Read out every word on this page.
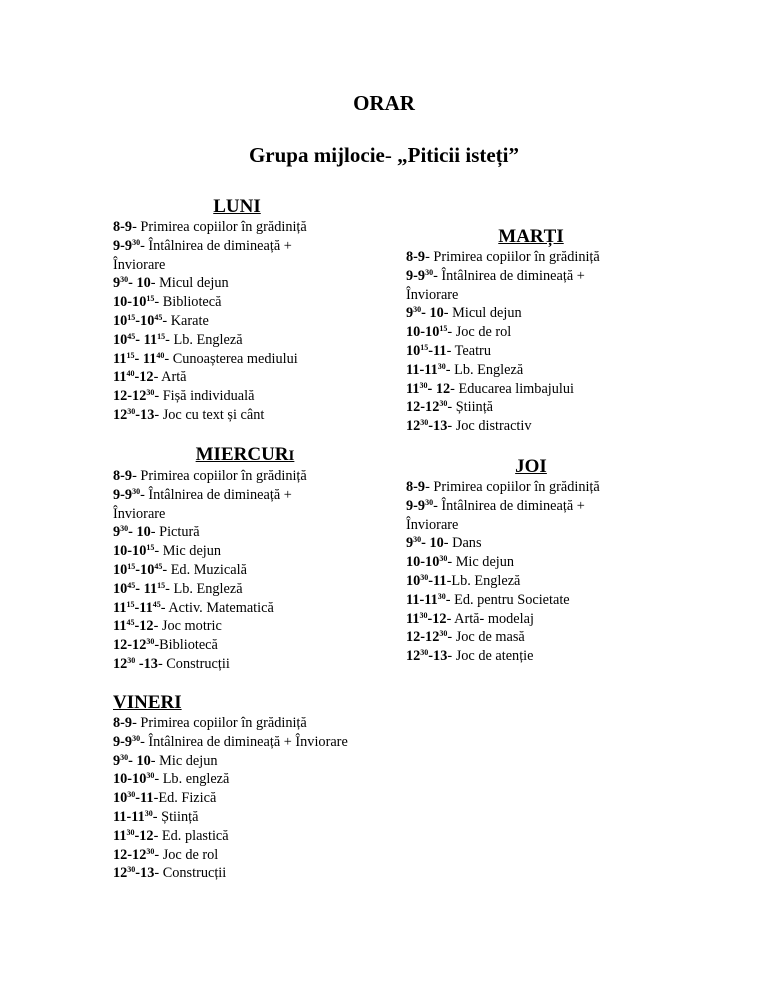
ORAR
Grupa mijlocie- „Piticii isteți”
LUNI
8-9- Primirea copiilor în grădiniță
$9-9^{30}-$ Întâlnirea de dimineață +
Înviorare
$9^{30}-$ 10- Micul dejun
$10-10^{15}-$ Bibliotecă
$10^{15}-10^{45}-$ Karate
$10^{45}-$ $11^{15}-$ Lb. Engleză
$11^{15}-$ $11^{40}-$ Cunoașterea mediului
$11^{40}-12-$ Artă
$12-12^{30}-$ Fișă individuală
$12^{30}-13-$ Joc cu text și cânt
MARȚI
8-9- Primirea copiilor în grădiniță
$9-9^{30}-$ Întâlnirea de dimineață +
Înviorare
$9^{30}-$ 10- Micul dejun
$10-10^{15}-$ Joc de rol
$10^{15}-11-$ Teatru
$11-11^{30}-$ Lb. Engleză
$11^{30}-$ 12- Educarea limbajului
$12-12^{30}-$ Știință
$12^{30}-13-$ Joc distractiv
MIERCURI
8-9- Primirea copiilor în grădiniță
$9-9^{30}-$ Întâlnirea de dimineață +
Înviorare
$9^{30}-$ 10- Pictură
$10-10^{15}-$ Mic dejun
$10^{15}-10^{45}-$ Ed. Muzicală
$10^{45}-$ $11^{15}-$ Lb. Engleză
$11^{15}-11^{45}-$ Activ. Matematică
$11^{45}-12-$ Joc motric
$12-12^{30}$-Bibliotecă
$12^{30}$ -13- Construcții
JOI
8-9- Primirea copiilor în grădiniță
$9-9^{30}-$ Întâlnirea de dimineață +
Înviorare
$9^{30}-$ 10- Dans
$10-10^{30}-$ Mic dejun
$10^{30}-11-Lb$. Engleză
$11-11^{30}-$ Ed. pentru Societate
$11^{30}-12-$ Artă- modelaj
$12-12^{30}-$ Joc de masă
$12^{30}-13-$ Joc de atenție
VINERI
8-9- Primirea copiilor în grădiniță
$9-9^{30}-$ Întâlnirea de dimineață + Înviorare
$9^{30}-$ 10- Mic dejun
$10-10^{30}-$ Lb. engleză
$10^{30}-11-Ed$. Fizică
$11-11^{30}-$ Știință
$11^{30}-12-$ Ed. plastică
$12-12^{30}-$ Joc de rol
$12^{30}-13-$ Construcții
